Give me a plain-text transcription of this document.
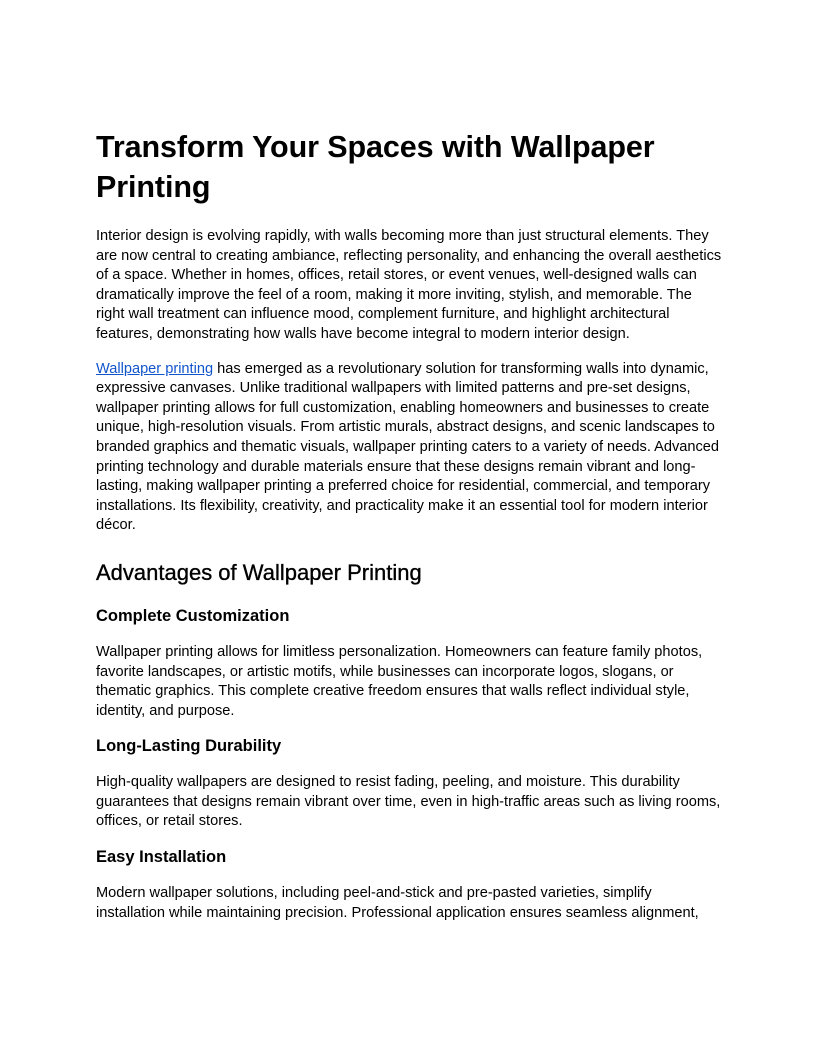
Transform Your Spaces with Wallpaper Printing

Interior design is evolving rapidly, with walls becoming more than just structural elements. They are now central to creating ambiance, reflecting personality, and enhancing the overall aesthetics of a space. Whether in homes, offices, retail stores, or event venues, well-designed walls can dramatically improve the feel of a room, making it more inviting, stylish, and memorable. The right wall treatment can influence mood, complement furniture, and highlight architectural features, demonstrating how walls have become integral to modern interior design.

Wallpaper printing has emerged as a revolutionary solution for transforming walls into dynamic, expressive canvases. Unlike traditional wallpapers with limited patterns and pre-set designs, wallpaper printing allows for full customization, enabling homeowners and businesses to create unique, high-resolution visuals. From artistic murals, abstract designs, and scenic landscapes to branded graphics and thematic visuals, wallpaper printing caters to a variety of needs. Advanced printing technology and durable materials ensure that these designs remain vibrant and long-lasting, making wallpaper printing a preferred choice for residential, commercial, and temporary installations. Its flexibility, creativity, and practicality make it an essential tool for modern interior décor.

Advantages of Wallpaper Printing
Complete Customization

Wallpaper printing allows for limitless personalization. Homeowners can feature family photos, favorite landscapes, or artistic motifs, while businesses can incorporate logos, slogans, or thematic graphics. This complete creative freedom ensures that walls reflect individual style, identity, and purpose.

Long-Lasting Durability

High-quality wallpapers are designed to resist fading, peeling, and moisture. This durability guarantees that designs remain vibrant over time, even in high-traffic areas such as living rooms, offices, or retail stores.

Easy Installation

Modern wallpaper solutions, including peel-and-stick and pre-pasted varieties, simplify installation while maintaining precision. Professional application ensures seamless alignment,
